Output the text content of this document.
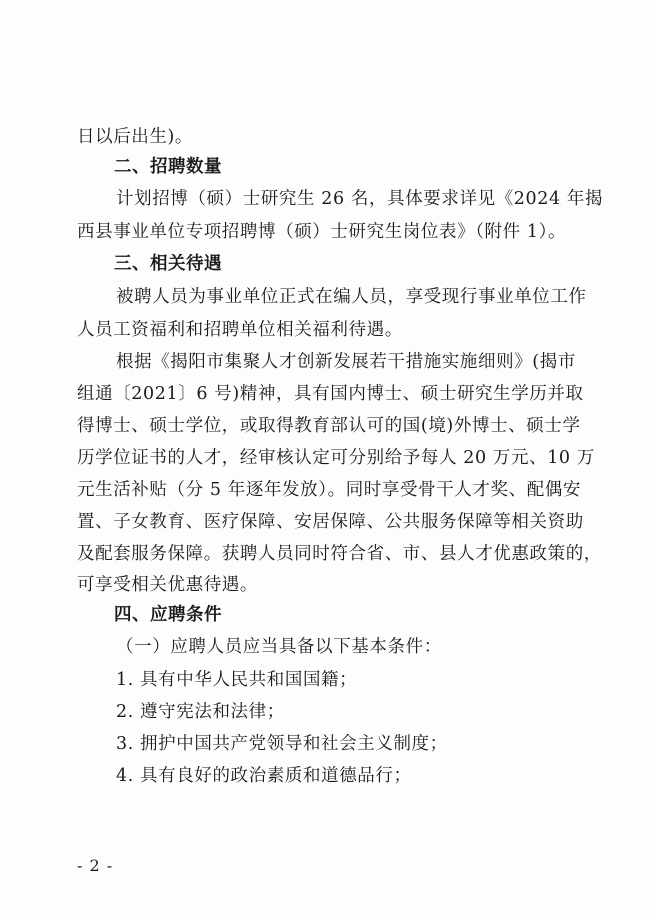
日以后出生)。
二、招聘数量
计划招博（硕）士研究生 26 名，具体要求详见《2024 年揭
西县事业单位专项招聘博（硕）士研究生岗位表》（附件 1）。
三、相关待遇
被聘人员为事业单位正式在编人员，享受现行事业单位工作
人员工资福利和招聘单位相关福利待遇。
根据《揭阳市集聚人才创新发展若干措施实施细则》(揭市
组通〔2021〕6 号)精神，具有国内博士、硕士研究生学历并取
得博士、硕士学位，或取得教育部认可的国(境)外博士、硕士学
历学位证书的人才，经审核认定可分别给予每人 20 万元、10 万
元生活补贴（分 5 年逐年发放）。同时享受骨干人才奖、配偶安
置、子女教育、医疗保障、安居保障、公共服务保障等相关资助
及配套服务保障。获聘人员同时符合省、市、县人才优惠政策的，
可享受相关优惠待遇。
四、应聘条件
（一）应聘人员应当具备以下基本条件：
1. 具有中华人民共和国国籍；
2. 遵守宪法和法律；
3. 拥护中国共产党领导和社会主义制度；
4. 具有良好的政治素质和道德品行；
- 2 -
